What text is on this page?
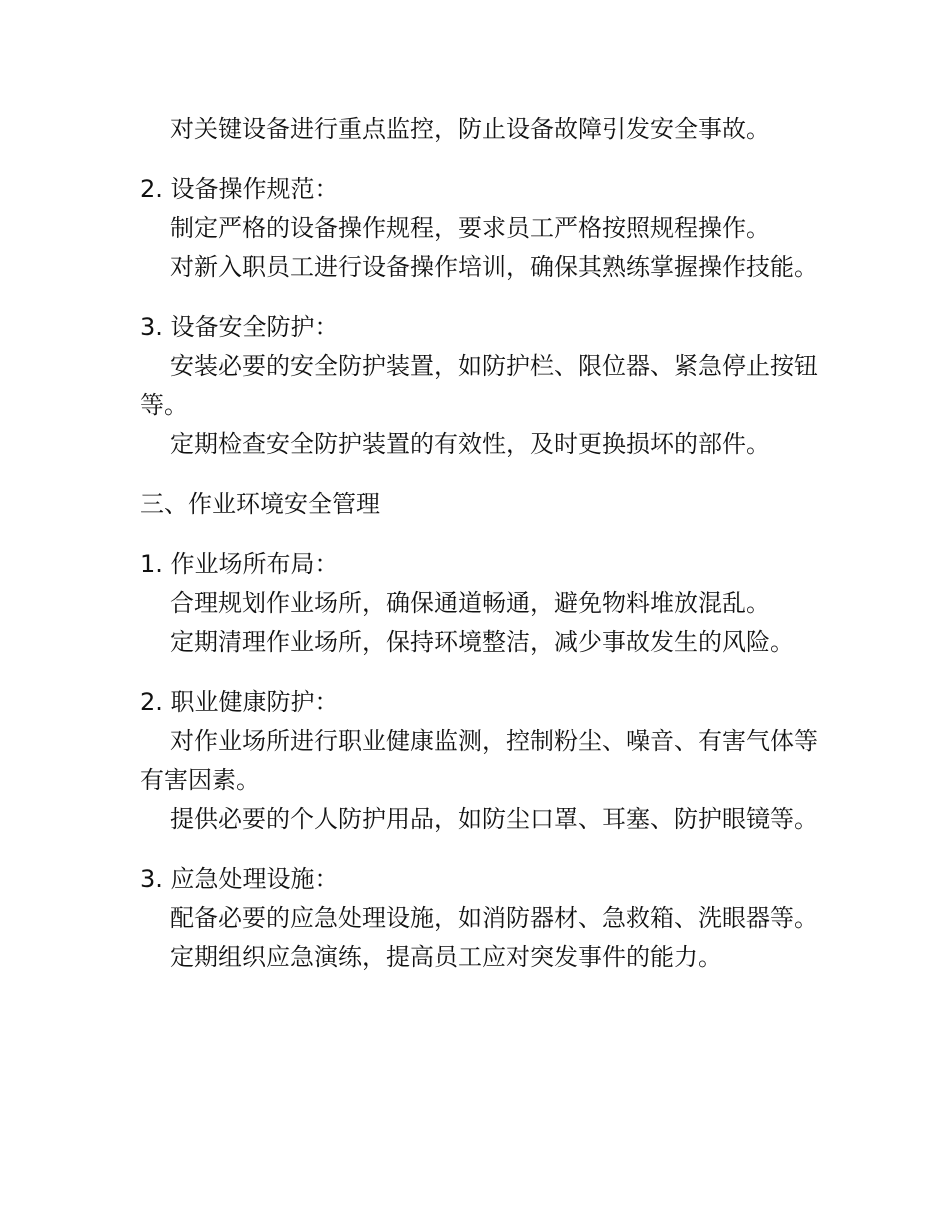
对关键设备进行重点监控，防止设备故障引发安全事故。

2. 设备操作规范：

制定严格的设备操作规程，要求员工严格按照规程操作。

对新入职员工进行设备操作培训，确保其熟练掌握操作技能。

3. 设备安全防护：

安装必要的安全防护装置，如防护栏、限位器、紧急停止按钮等。

定期检查安全防护装置的有效性，及时更换损坏的部件。

三、作业环境安全管理

1. 作业场所布局：

合理规划作业场所，确保通道畅通，避免物料堆放混乱。

定期清理作业场所，保持环境整洁，减少事故发生的风险。

2. 职业健康防护：

对作业场所进行职业健康监测，控制粉尘、噪音、有害气体等有害因素。

提供必要的个人防护用品，如防尘口罩、耳塞、防护眼镜等。

3. 应急处理设施：

配备必要的应急处理设施，如消防器材、急救箱、洗眼器等。

定期组织应急演练，提高员工应对突发事件的能力。
